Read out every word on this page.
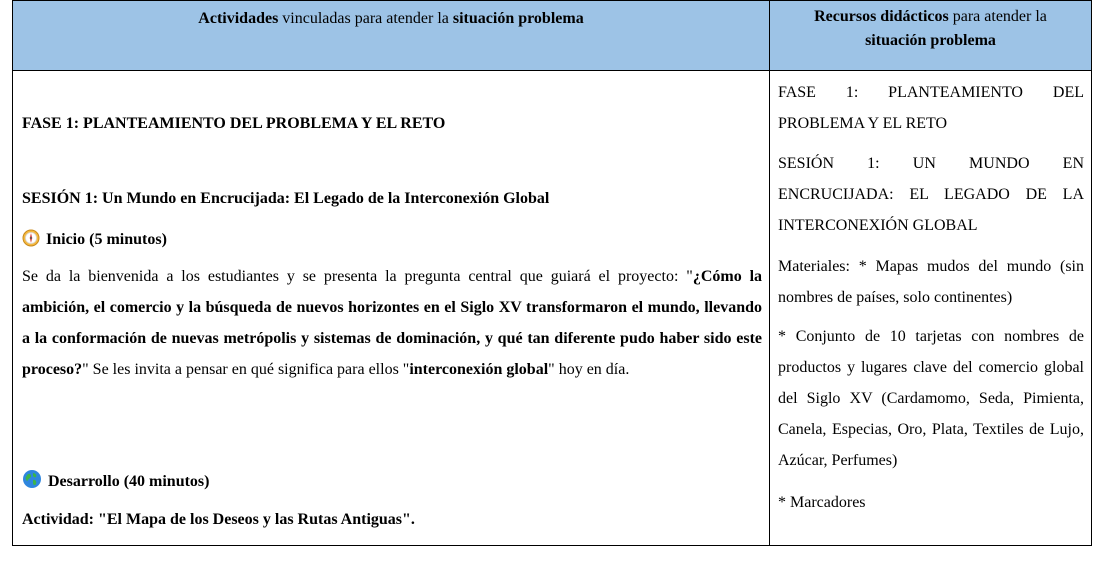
Actividades vinculadas para atender la situación problema	Recursos didácticos para atender la
situación problema
FASE 1: PLANTEAMIENTO DEL PROBLEMA Y EL RETO
SESIÓN 1: Un Mundo en Encrucijada: El Legado de la Interconexión Global
Inicio (5 minutos)
Se da la bienvenida a los estudiantes y se presenta la pregunta central que guiará el proyecto: "¿Cómo la ambición, el comercio y la búsqueda de nuevos horizontes en el Siglo XV transformaron el mundo, llevando a la conformación de nuevas metrópolis y sistemas de dominación, y qué tan diferente pudo haber sido este proceso?" Se les invita a pensar en qué significa para ellos "interconexión global" hoy en día.
Desarrollo (40 minutos)
Actividad: "El Mapa de los Deseos y las Rutas Antiguas".
FASE 1: PLANTEAMIENTO DEL PROBLEMA Y EL RETO
SESIÓN 1: UN MUNDO EN ENCRUCIJADA: EL LEGADO DE LA INTERCONEXIÓN GLOBAL
Materiales: * Mapas mudos del mundo (sin nombres de países, solo continentes)
* Conjunto de 10 tarjetas con nombres de productos y lugares clave del comercio global del Siglo XV (Cardamomo, Seda, Pimienta, Canela, Especias, Oro, Plata, Textiles de Lujo, Azúcar, Perfumes)
* Marcadores
